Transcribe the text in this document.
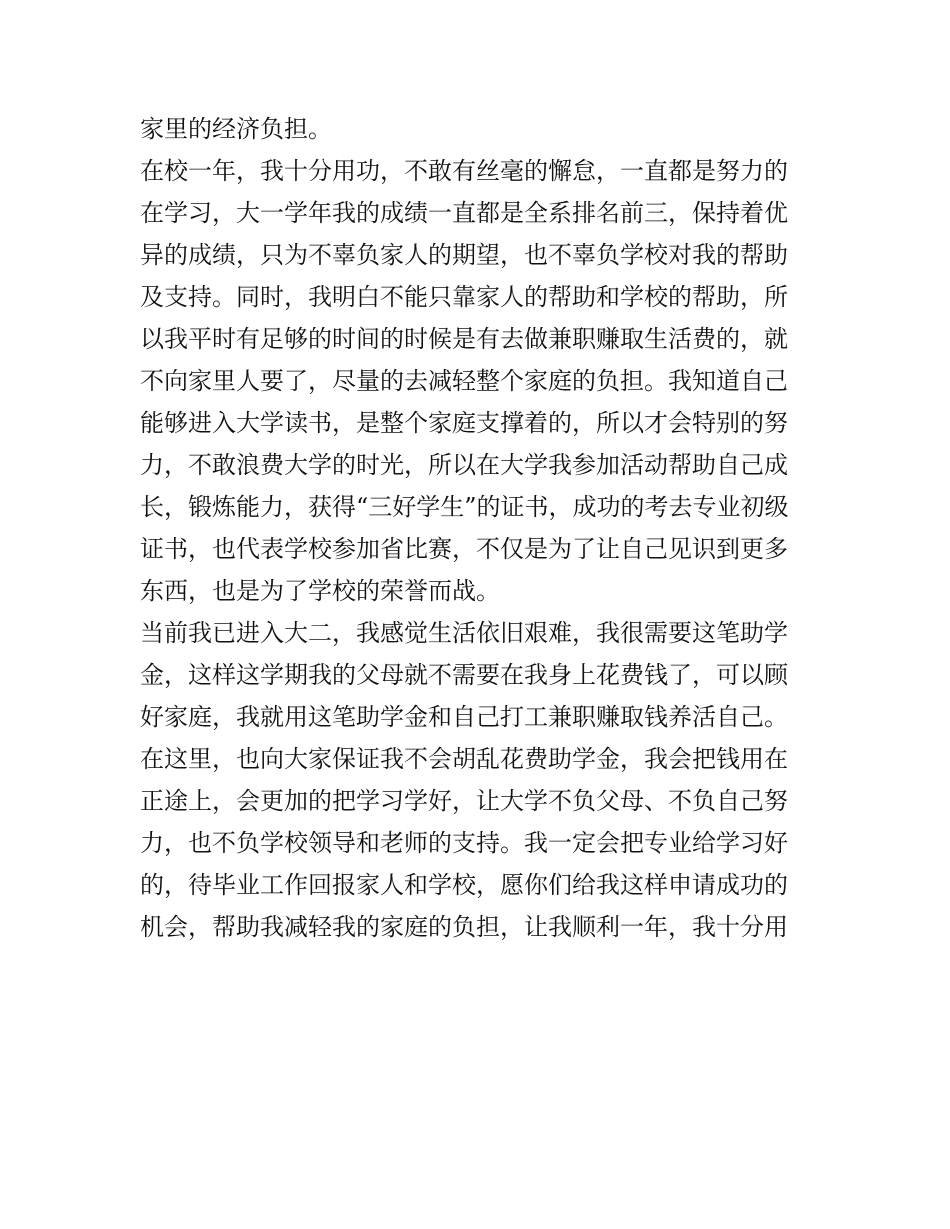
家里的经济负担。
在校一年，我十分用功，不敢有丝毫的懈怠，一直都是努力的
在学习，大一学年我的成绩一直都是全系排名前三，保持着优
异的成绩，只为不辜负家人的期望，也不辜负学校对我的帮助
及支持。同时，我明白不能只靠家人的帮助和学校的帮助，所
以我平时有足够的时间的时候是有去做兼职赚取生活费的，就
不向家里人要了，尽量的去减轻整个家庭的负担。我知道自己
能够进入大学读书，是整个家庭支撑着的，所以才会特别的努
力，不敢浪费大学的时光，所以在大学我参加活动帮助自己成
长，锻炼能力，获得“三好学生”的证书，成功的考去专业初级
证书，也代表学校参加省比赛，不仅是为了让自己见识到更多
东西，也是为了学校的荣誉而战。
当前我已进入大二，我感觉生活依旧艰难，我很需要这笔助学
金，这样这学期我的父母就不需要在我身上花费钱了，可以顾
好家庭，我就用这笔助学金和自己打工兼职赚取钱养活自己。
在这里，也向大家保证我不会胡乱花费助学金，我会把钱用在
正途上，会更加的把学习学好，让大学不负父母、不负自己努
力，也不负学校领导和老师的支持。我一定会把专业给学习好
的，待毕业工作回报家人和学校，愿你们给我这样申请成功的
机会，帮助我减轻我的家庭的负担，让我顺利一年，我十分用
